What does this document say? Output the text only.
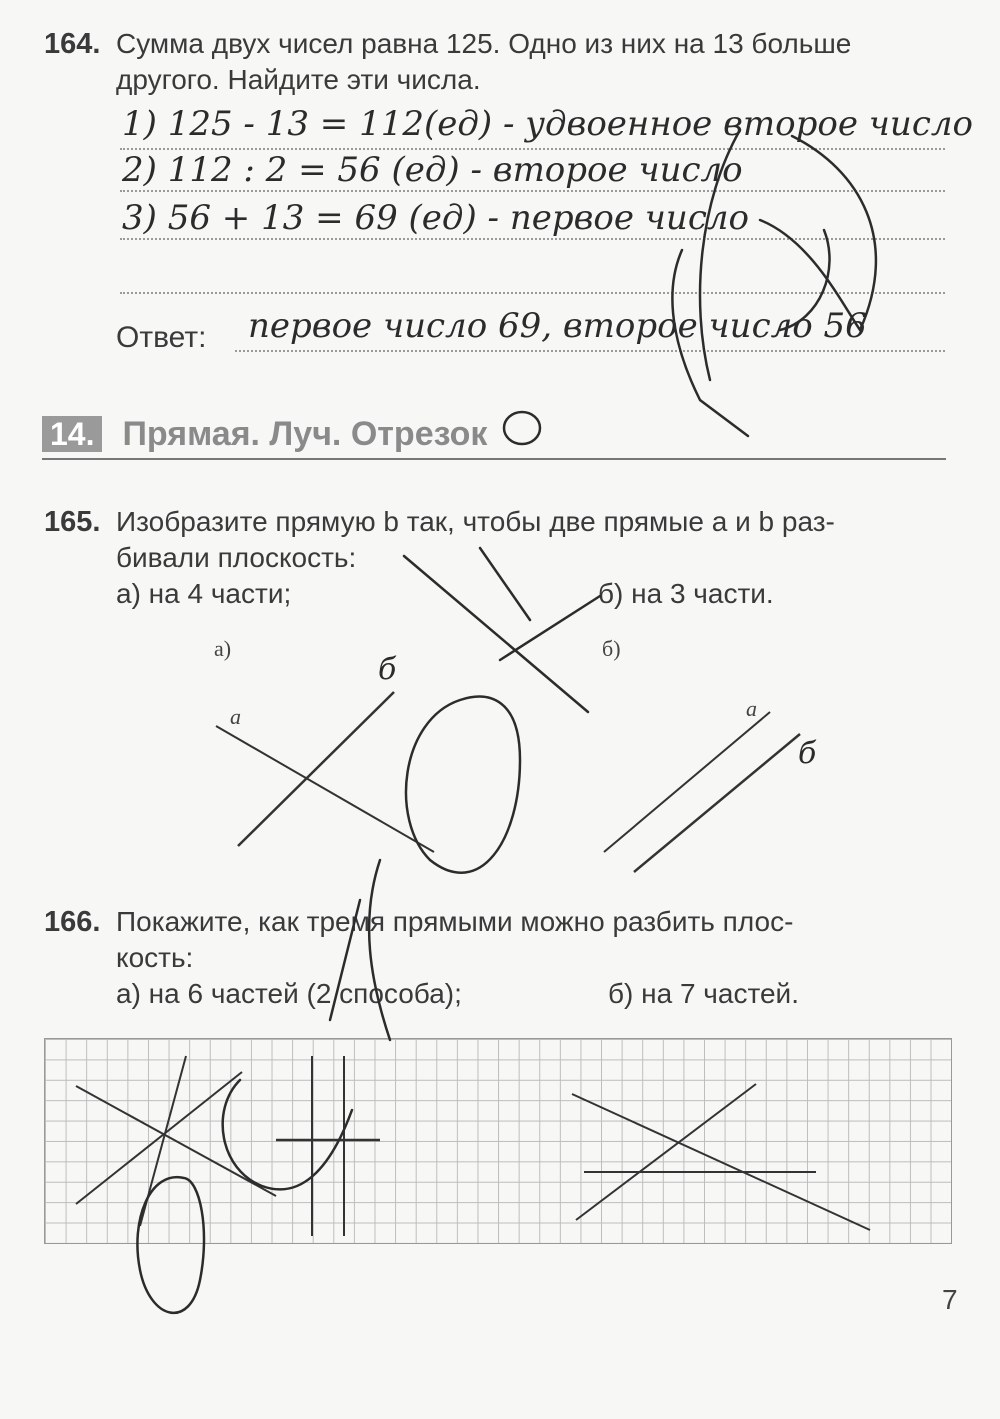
164. Сумма двух чисел равна 125. Одно из них на 13 больше
другого. Найдите эти числа.
1) 125 - 13 = 112(ед) - удвоенное второе число
2) 112 : 2 = 56 (ед) - второе число
3) 56 + 13 = 69 (ед) - первое число
Ответ: первое число 69, второе число 56
14. Прямая. Луч. Отрезок
165. Изобразите прямую b так, чтобы две прямые a и b раз-
бивали плоскость:
а) на 4 части;	б) на 3 части.
а)	б)
a	a
б
б
166. Покажите, как тремя прямыми можно разбить плос-
кость:
а) на 6 частей (2 способа);	б) на 7 частей.
7
